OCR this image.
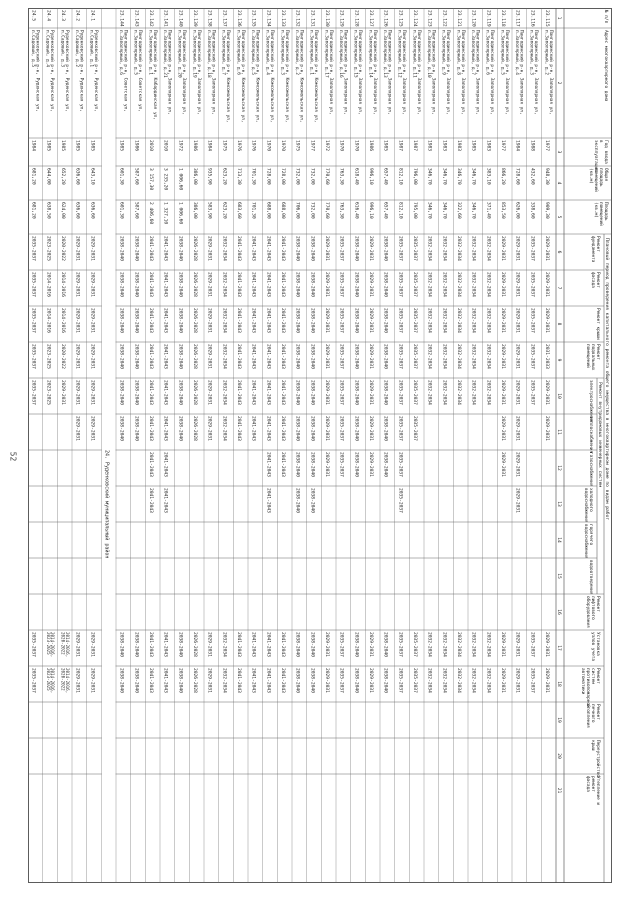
52	Плановый период проведения капитального ремонта общего имущества в многоквартирном доме по видам работ
Ремонт внутридомовых инженерных систем
№ п/п
Адрес многоквартирного дома
Год вводавэксплуатацию
Общаяплощадьпомещений(кв.м)
Площадьпомещений(кв.м)
Ремонтфундамента
Ремонтфасада
Ремонт крыши
Ремонтподвальныхпомещений
электроснабжения
теплоснабжения
газоснабжения
холодноговодоснабжения
горячеговодоснабжения
водоотведения
Ремонтлифтовогооборудования
Установкаузлов учета
Ремонтсистемпротивопожарнойавтоматики
Ремонтпечногоотопления
Переустройствокрыш
Утепление иремонтфасада
1
2
3
4
5
6
7
8
9
10
11
12
13
14
15
16
17
18
19
20
21
23.115
Пангодинский р-н, Заполярная ул,п.Заполярный, д.2
1977
948,30
909,30
2029-2031
2029-2031
2029-2031
2031-2033
2029-2031
2029-2031
2029-2031
2029-2031
23.116
Пангодинский р-н, Заполярная ул,п.Заполярный, д.3
1988
432,60
338,60
2035-2037
2035-2037
2035-2037
2035-2037
2035-2037
2035-2037
2035-2037
23.117
Пангодинский р-н, Заполярная ул,п.Заполярный, д.4
1984
728,60
626,00
2029-2031
2029-2031
2029-2031
2029-2031
2029-2031
2029-2031
2029-2031
2029-2031
2029-2031
2029-2031
23.118
Пангодинский р-н, Заполярная ул,п.Заполярный, д.5
1977
866,20
853,50
2029-2031
2029-2031
2029-2031
2029-2031
2029-2031
2029-2031
2029-2031
2029-2031
2029-2031
23.119
Пангодинский р-н, Заполярная ул,п.Заполярный, д.6
1983
383,10
371,40
2032-2034
2032-2034
2032-2034
2032-2034
2032-2034
2032-2034
2032-2034
23.120
Пангодинский р-н, Заполярная ул,п.Заполярный, д.7
1985
346,70
346,70
2032-2034
2032-2034
2032-2034
2032-2034
2032-2034
2032-2034
2032-2034
23.121
Пангодинский р-н, Заполярная ул,п.Заполярный, д.8
1983
346,70
322,60
2032-2034
2032-2034
2032-2034
2032-2034
2032-2034
2032-2034
2032-2034
23.122
Пангодинский р-н, Заполярная ул,п.Заполярный, д.9
1983
346,70
346,70
2032-2034
2032-2034
2032-2034
2032-2034
2032-2034
2032-2034
2032-2034
23.123
Пангодинский р-н, Заполярная ул,п.Заполярный, д.10
1983
346,70
346,70
2032-2034
2032-2034
2032-2034
2032-2034
2032-2034
2032-2034
2032-2034
23.124
Пангодинский р-н, Заполярная ул,п.Заполярный, д.11
1987
796,00
795,00
2035-2037
2035-2037
2035-2037
2035-2037
2035-2037
2035-2037
2035-2037
2035-2037
23.125
Пангодинский р-н, Заполярная ул,п.Заполярный, д.12
1987
812,10
812,10
2035-2037
2035-2037
2035-2037
2035-2037
2035-2037
2035-2037
2035-2037
2035-2037
2035-2037
2035-2037
23.126
Пангодинский р-н, Заполярная ул,п.Заполярный, д.13
1985
657,40
657,40
2038-2040
2038-2040
2038-2040
2038-2040
2038-2040
2038-2040
2038-2040
2038-2040
2038-2040
23.127
Пангодинский р-н, Заполярная ул,п.Заполярный, д.14
1986
996,10
996,10
2029-2031
2029-2031
2029-2031
2029-2031
2029-2031
2029-2031
2029-2031
2029-2031
2029-2031
23.128
Пангодинский р-н, Заполярная ул,п.Заполярный, д.15
1970
618,40
616,40
2038-2040
2038-2040
2038-2040
2038-2040
2038-2040
2038-2040
2038-2040
2038-2040
2038-2040
23.129
Пангодинский р-н, Заполярная ул,п.Заполярный, д.16
1970
763,30
763,30
2035-2037
2035-2037
2035-2037
2035-2037
2035-2037
2035-2037
2035-2037
2035-2037
2035-2037
23.130
Пангодинский р-н, Заполярная ул,п.Заполярный, д.17
1972
770,60
770,60
2029-2031
2029-2031
2029-2031
2029-2031
2029-2031
2029-2031
2029-2031
2029-2031
2029-2031
23.131
Пангодинский р-н, Комсомольская ул,п.Заполярный, д.1
1977
732,00
732,00
2038-2040
2038-2040
2038-2040
2038-2040
2038-2040
2038-2040
2038-2040
2038-2040
2038-2040
2038-2040
23.132
Пангодинский р-н, Комсомольская ул,п.Заполярный, д.2
1975
732,00
706,00
2038-2040
2038-2040
2038-2040
2038-2040
2038-2040
2038-2040
2038-2040
2038-2040
2038-2040
2038-2040
23.133
Пангодинский р-н, Комсомольская ул,п.Заполярный, д.3
1970
728,00
688,00
2041-2043
2041-2043
2041-2043
2041-2043
2041-2043
2041-2043
2041-2043
2041-2043
2041-2043
23.134
Пангодинский р-н, Комсомольская ул,п.Заполярный, д.4
1970
728,00
688,00
2041-2043
2041-2043
2041-2043
2041-2043
2041-2043
2041-2043
2041-2043
2041-2043
2041-2043
2041-2043
23.135
Пангодинский р-н, Комсомольская ул,п.Заполярный, д.5
1976
701,30
701,30
2041-2043
2041-2043
2041-2043
2041-2043
2041-2043
2041-2043
2041-2043
2041-2043
23.136
Пангодинский р-н, Комсомольская ул,п.Заполярный, д.6
1976
713,30
683,60
2041-2043
2041-2043
2041-2043
2041-2043
2041-2043
2041-2043
2041-2043
2041-2043
23.137
Пангодинский р-н, Комсомольская ул,п.Заполярный, д.7
1975
623,20
623,20
2032-2034
2032-2034
2032-2034
2032-2034
2032-2034
2032-2034
2032-2034
2032-2034
23.138
Пангодинский р-н, Заполярная ул,п.Заполярный, д.18
1984
935,90
583,90
2029-2031
2029-2031
2029-2031
2029-2031
2029-2031
2029-2031
2029-2031
2029-2031
23.139
Пангодинский р-н, Заполярная ул,п.Заполярный, д.19
1986
386,00
386,00
2026-2028
2026-2028
2026-2028
2026-2028
2026-2028
2026-2028
2026-2028
2026-2028
23.140
Пангодинский р-н, Заполярная ул,п.Заполярный, д.20
1972
1 006,60
1 006,60
2038-2040
2038-2040
2038-2040
2038-2040
2038-2040
2038-2040
2038-2040
2038-2040
23.141
Пангодинский р-н, Заполярная ул,п.Заполярный, д.21
2010
3 235,20
1 327,10
2041-2043
2041-2043
2041-2043
2041-2043
2041-2043
2041-2043
2041-2043
2041-2043
2041-2043
2041-2043
23.142
Пангодинский р-н, Кабардинская ул,п.Заполярный, д.1
2010
3 157,30
2 406,60
2041-2043
2041-2043
2041-2043
2041-2043
2041-2043
2041-2043
2041-2043
2041-2043
2041-2043
2041-2043
23.143
Пангодинский р-н, Советская ул,п.Заполярный, д.5
1986
587,60
587,60
2038-2040
2038-2040
2038-2040
2038-2040
2038-2040
2038-2040
2038-2040
2038-2040
23.144
Пангодинский р-н, Советская ул,п.Заполярный, д.6
1985
601,30
601,30
2038-2040
2038-2040
2038-2040
2038-2040
2038-2040
2038-2040
2038-2040
2038-2040
24. Руденковский муниципальный район
24.1
Руденковский р-н, Руденская ул,п.Садовый, д.1
1985
643,10
636,60
2029-2031
2029-2031
2029-2031
2029-2031
2029-2031
2029-2031
2029-2031
2029-2031
24.2
Руденковский р-н, Руденская ул,п.Садовый, д.2
1985
636,60
636,60
2029-2031
2029-2031
2029-2031
2029-2031
2029-2031
2029-2031
2029-2031
2029-2031
24.3
Руденковский р-н, Руденская ул,п.Садовый, д.3
1985
652,20
624,00
2020-2022
2014-2016
2014-2016
2020-2022
2029-2031
2014-2016,2020-2022
2014-2016,2020-2022
24.4
Руденковский р-н, Руденская ул,п.Садовый, д.4
1985
644,00
638,50
2023-2025
2014-2016
2014-2016
2023-2025
2023-2025
2014-2016,2023-2025
2014-2016,2023-2025
24.5
Руденковский р-н, Руденская ул,п.Садовый, д.5
1984
681,20
681,20
2035-2037
2035-2037
2035-2037
2035-2037
2035-2037
2035-2037
2035-2037
